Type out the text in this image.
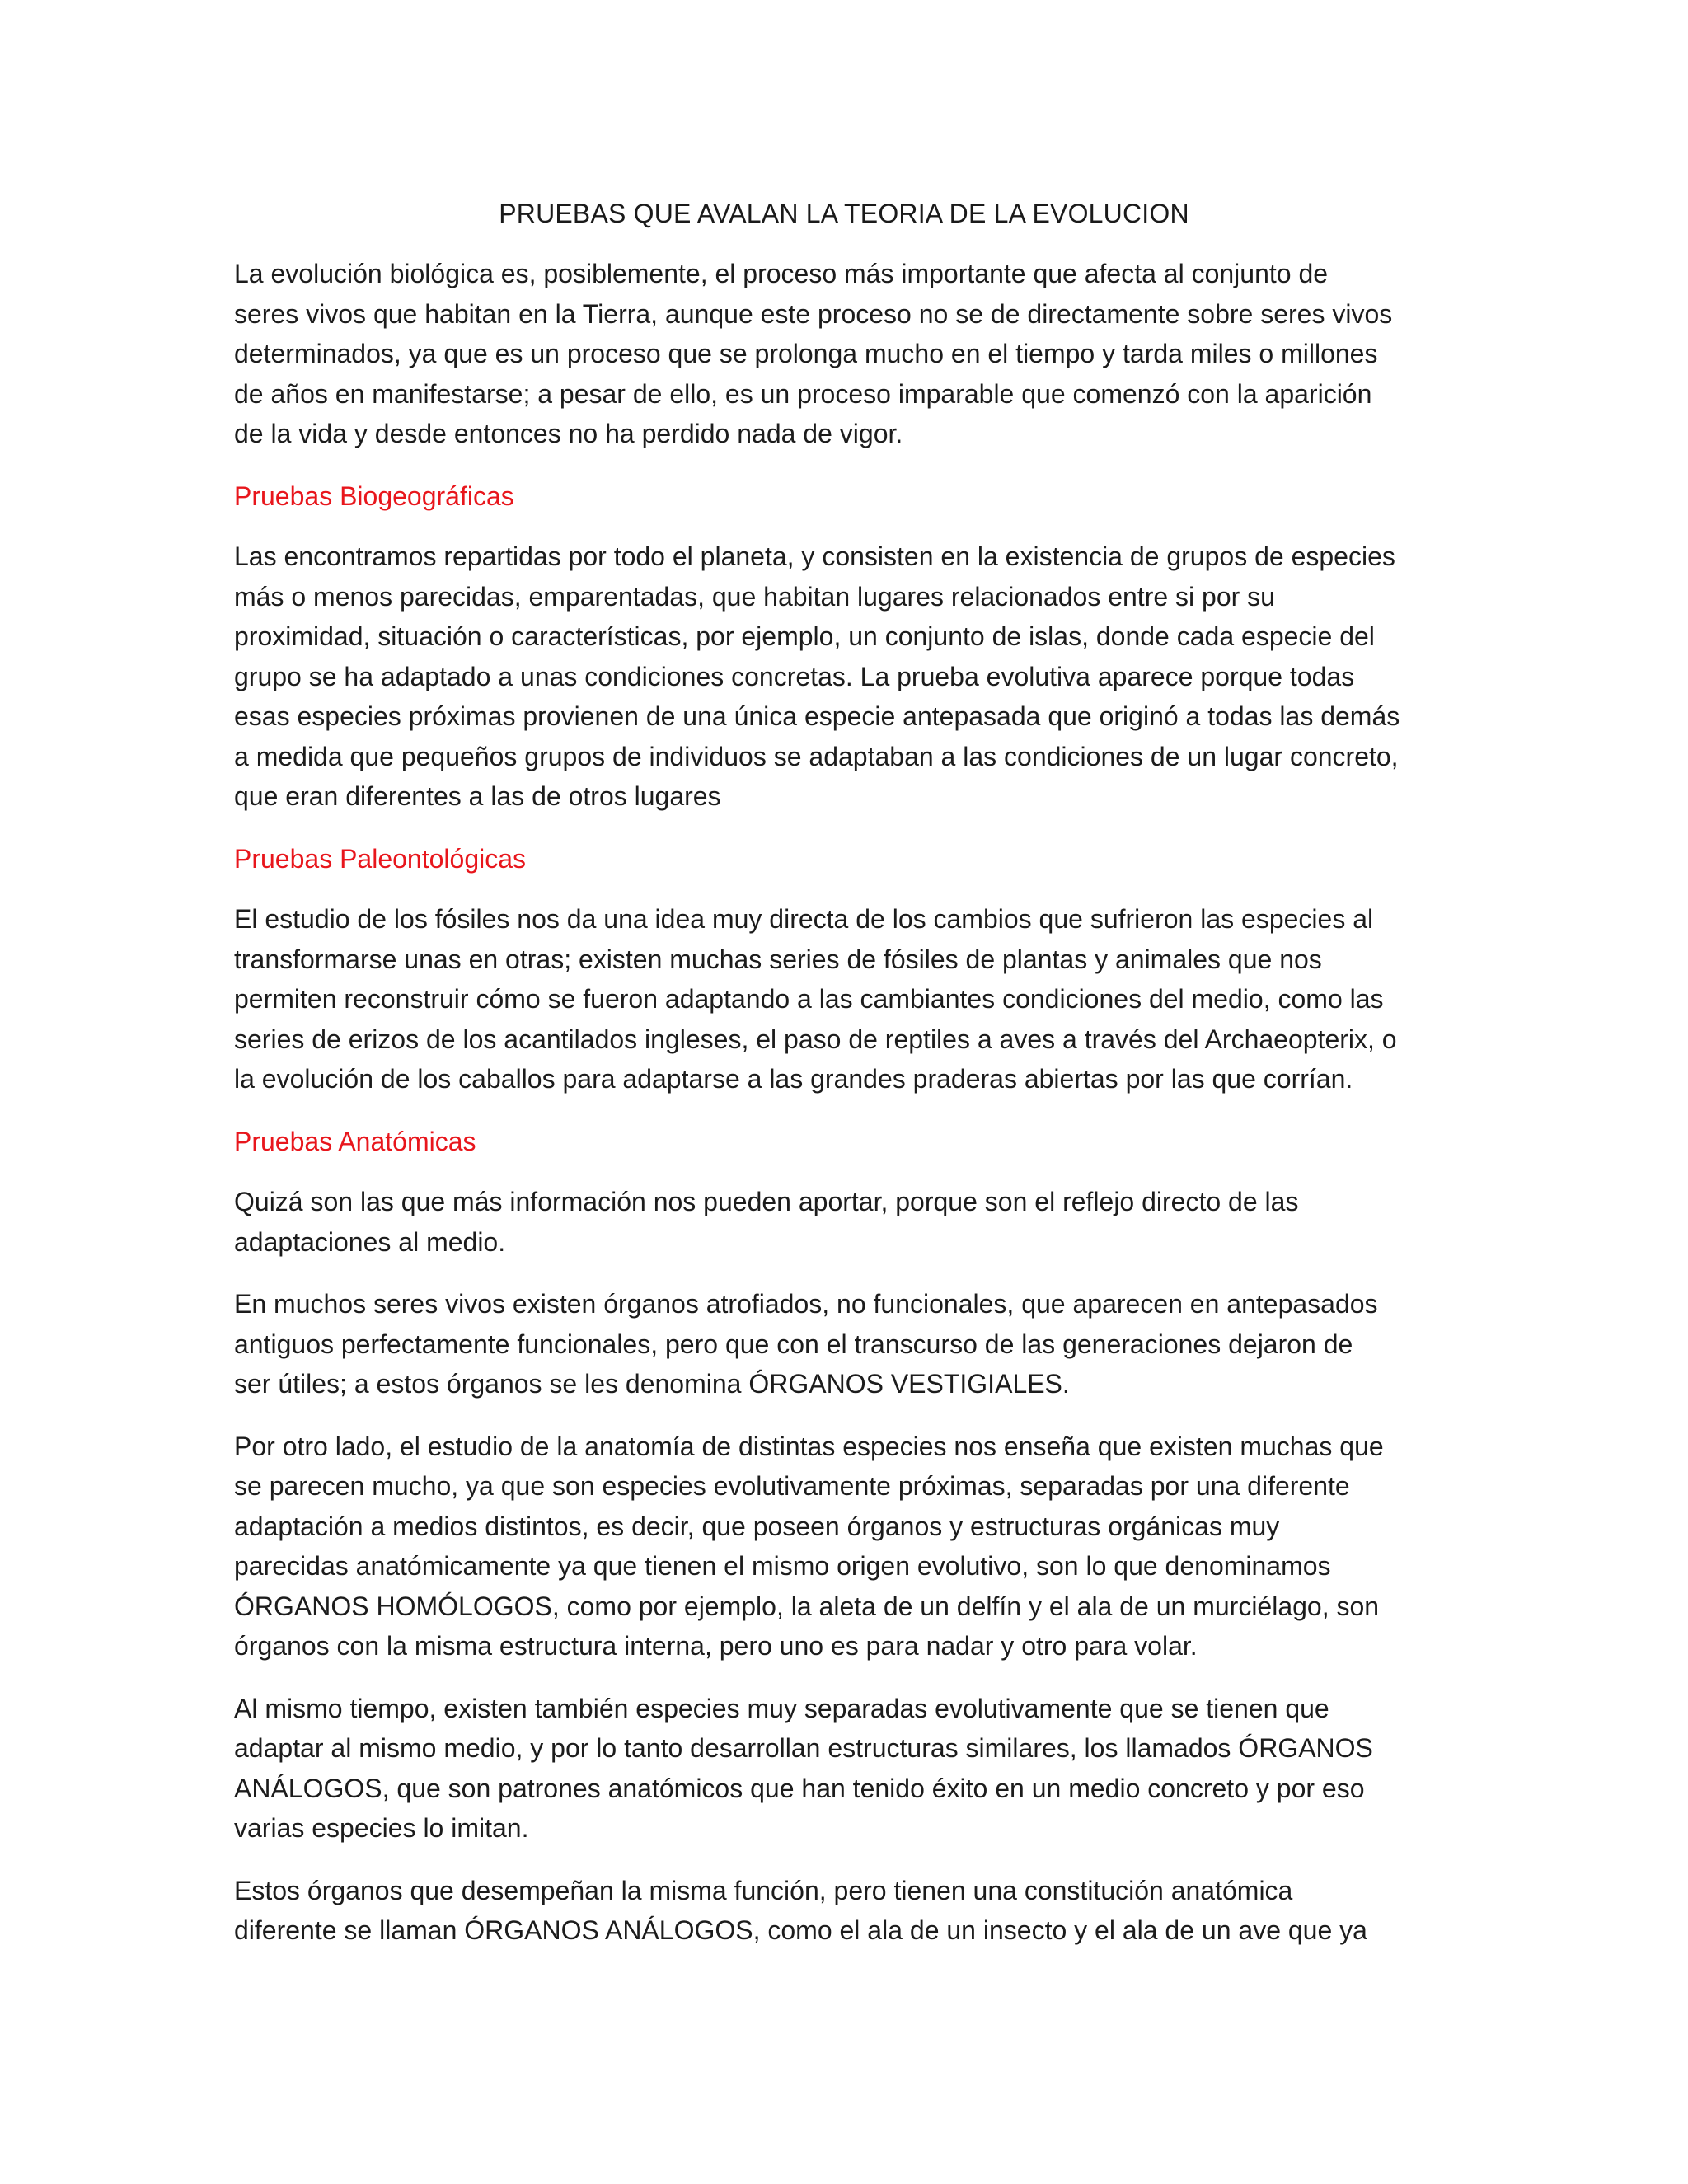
PRUEBAS QUE AVALAN LA TEORIA DE LA EVOLUCION
La evolución biológica es, posiblemente, el proceso más importante que afecta al conjunto de
seres vivos que habitan en la Tierra, aunque este proceso no se de directamente sobre seres vivos
determinados, ya que es un proceso que se prolonga mucho en el tiempo y tarda miles o millones
de años en manifestarse; a pesar de ello, es un proceso imparable que comenzó con la aparición
de la vida y desde entonces no ha perdido nada de vigor.
Pruebas Biogeográficas
Las encontramos repartidas por todo el planeta, y consisten en la existencia de grupos de especies
más o menos parecidas, emparentadas, que habitan lugares relacionados entre si por su
proximidad, situación o características, por ejemplo, un conjunto de islas, donde cada especie del
grupo se ha adaptado a unas condiciones concretas. La prueba evolutiva aparece porque todas
esas especies próximas provienen de una única especie antepasada que originó a todas las demás
a medida que pequeños grupos de individuos se adaptaban a las condiciones de un lugar concreto,
que eran diferentes a las de otros lugares
Pruebas Paleontológicas
El estudio de los fósiles nos da una idea muy directa de los cambios que sufrieron las especies al
transformarse unas en otras; existen muchas series de fósiles de plantas y animales que nos
permiten reconstruir cómo se fueron adaptando a las cambiantes condiciones del medio, como las
series de erizos de los acantilados ingleses, el paso de reptiles a aves a través del Archaeopterix, o
la evolución de los caballos para adaptarse a las grandes praderas abiertas por las que corrían.
Pruebas Anatómicas
Quizá son las que más información nos pueden aportar, porque son el reflejo directo de las
adaptaciones al medio.
En muchos seres vivos existen órganos atrofiados, no funcionales, que aparecen en antepasados
antiguos perfectamente funcionales, pero que con el transcurso de las generaciones dejaron de
ser útiles; a estos órganos se les denomina ÓRGANOS VESTIGIALES.
Por otro lado, el estudio de la anatomía de distintas especies nos enseña que existen muchas que
se parecen mucho, ya que son especies evolutivamente próximas, separadas por una diferente
adaptación a medios distintos, es decir, que poseen órganos y estructuras orgánicas muy
parecidas anatómicamente ya que tienen el mismo origen evolutivo, son lo que denominamos
ÓRGANOS HOMÓLOGOS, como por ejemplo, la aleta de un delfín y el ala de un murciélago, son
órganos con la misma estructura interna, pero uno es para nadar y otro para volar.
Al mismo tiempo, existen también especies muy separadas evolutivamente que se tienen que
adaptar al mismo medio, y por lo tanto desarrollan estructuras similares, los llamados ÓRGANOS
ANÁLOGOS, que son patrones anatómicos que han tenido éxito en un medio concreto y por eso
varias especies lo imitan.
Estos órganos que desempeñan la misma función, pero tienen una constitución anatómica
diferente se llaman ÓRGANOS ANÁLOGOS, como el ala de un insecto y el ala de un ave que ya
